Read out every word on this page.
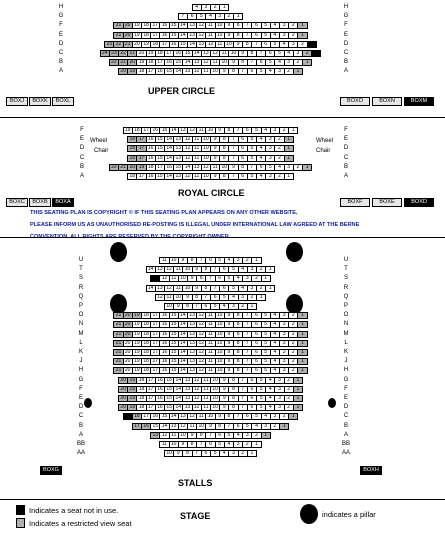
UPPER CIRCLE
BOXJ	BOXK	BOXL	BOXO	BOXN	BOXM
Wheel
Chair
Wheel
Chair
ROYAL CIRCLE
BOXC	BOXB	BOXA	BOXF	BOXE	BOXD
THIS SEATING PLAN IS COPYRIGHT © IF THIS SEATING PLAN APPEARS ON ANY OTHER WEBSITE,
PLEASE INFORM US AS UNAUTHORISED RE-POSTING IS ILLEGAL UNDER INTERNATIONAL LAW AGREED AT THE BERNE
STALLS
BOXG	BOXH
Indicates a seat not in use.
Indicates a restricted view seat
STAGE	indicates a pillar
H	H
4	3	2	1
G	G
7	6	5	4	3	2	1
F	F
21 20 19 18 17 16 15 14 13 12 11 10	9	8	7	6	5	4	3	2	1
E	E
21 20 19 18 17 16 15 14 13 12 11 10	9	8	7	6	5	4	3	2	1
D	D
23 22 21 20 19 18 17 16 15 14 13 12 11 10	9	8	7	6	5	4	3	2	1
C	C
24 23 22 21 20 19 18 17 16 15 14 13 12 11 10	9	8	7	6	5	4	3	2	1
B	B
22 21 20 19 18 17 16 15 14 13 12 11 10	9	8	7	6	5	4	3	2	1
A	A
20 19 18 17 16 15 14 13 12 11 10	9	8	7	6	5	4	3	2	1
F	F
19 18 17 16 15 14 13 12 11 10	9	8	7	6	5	4	3	2	1
E	E
18 17 16 15 14 13 12 11 10	9	8	7	6	5	4	3	2	1
D	D
18 17 16 15 14 13 12 11 10	9	8	7	6	5	4	3	2	1
C	C
18 17 16 15 14 13 12 11 10	9	8	7	6	5	4	3	2	1
B	B
22 21 20 19 18 17 16 15 14 13 12 11 10	9	8	7	6	5	4	3	2	1
A	A
18 17 16 15 14 13 12 11 10	9	8	7	6	5	4	3	2	1
U	U
11 10	9	8	7	6	5	4	3	2	1
T	T
14 13 12 11 10	9	8	7	6	5	4	3	2	1
S	S
13 12 11 10	9	8	7	6	5	4	3	2	1
R	R
14 13 12 11 10	9	8	7	6	5	4	3	2	1
Q	Q
12 11 10	9	8	7	6	5	4	3	2	1
P	P
10	9	8	7	6	5	4	3	2	1
O	O
21 20 19 18 17 16 15 14 13 12 11 10	9	8	7	6	5	4	3	2	1
N	N
21 20 19 18 17 16 15 14 13 12 11 10	9	8	7	6	5	4	3	2	1
M	M
21 20 19 18 17 16 15 14 13 12 11 10	9	8	7	6	5	4	3	2	1
L	L
21 20 19 18 17 16 15 14 13 12 11 10	9	8	7	6	5	4	3	2	1
K	K
21 20 19 18 17 16 15 14 13 12 11 10	9	8	7	6	5	4	3	2	1
J	J
21 20 19 18 17 16 15 14 13 12 11 10	9	8	7	6	5	4	3	2	1
H	H
21 20 19 18 17 16 15 14 13 12 11 10	9	8	7	6	5	4	3	2	1
G	G
20 19 18 17 16 15 14 13 12 11 10	9	8	7	6	5	4	3	2	1
F	F
20 19 18 17 16 15 14 13 12 11 10	9	8	7	6	5	4	3	2	1
E	E
20 19 18 17 16 15 14 13 12 11 10	9	8	7	6	5	4	3	2	1
D	D
20 19 18 17 16 15 14 13 12 11 10	9	8	7	6	5	4	3	2	1
C	C
19 18 17 16 15 14 13 12 11 10	9	8	7	6	5	4	3	2	1
B	B
17 16 15 14 13 12 11 10	9	8	7	6	5	4	3	2	1
A	A
13 12 11 10	9	8	7	6	5	4	3	2	1
BB	BB
11 10	9	8	7	6	5	4	3	2	1
AA	AA
10	9	8	7	6	5	4	3	2	1
